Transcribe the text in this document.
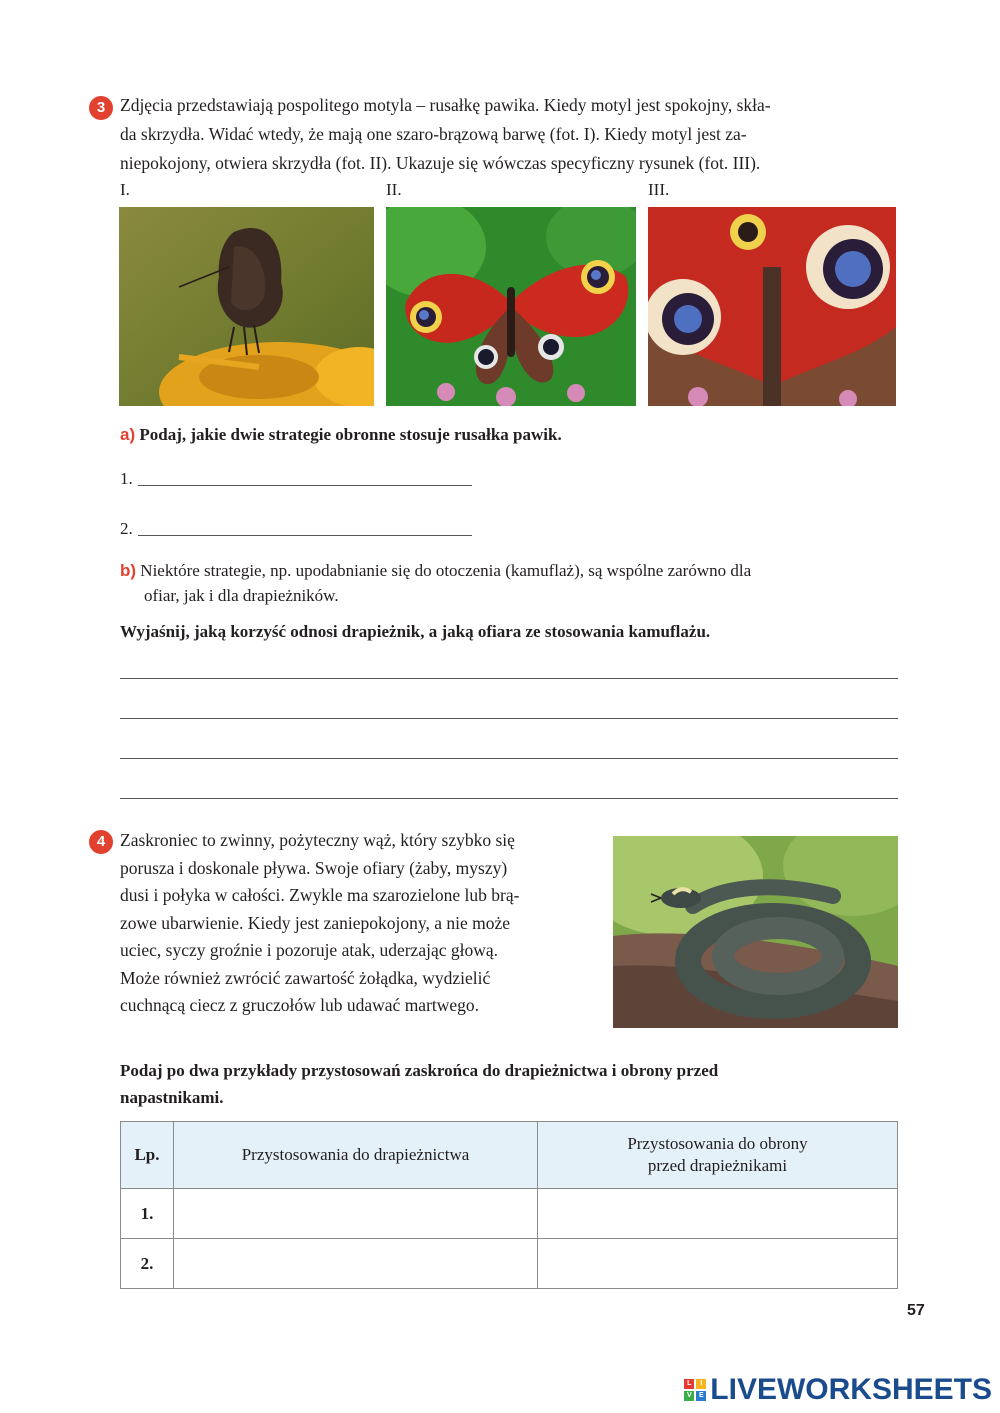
3 Zdjęcia przedstawiają pospolitego motyla – rusałkę pawika. Kiedy motyl jest spokojny, skła-
da skrzydła. Widać wtedy, że mają one szaro-brązową barwę (fot. I). Kiedy motyl jest za-
niepokojony, otwiera skrzydła (fot. II). Ukazuje się wówczas specyficzny rysunek (fot. III).
I.	II.	III.
a) Podaj, jakie dwie strategie obronne stosuje rusałka pawik.
1.
2.
b) Niektóre strategie, np. upodabnianie się do otoczenia (kamuflaż), są wspólne zarówno dla
ofiar, jak i dla drapieżników.
Wyjaśnij, jaką korzyść odnosi drapieżnik, a jaką ofiara ze stosowania kamuflażu.
4 Zaskroniec to zwinny, pożyteczny wąż, który szybko się
porusza i doskonale pływa. Swoje ofiary (żaby, myszy)
dusi i połyka w całości. Zwykle ma szarozielone lub brą-
zowe ubarwienie. Kiedy jest zaniepokojony, a nie może
uciec, syczy groźnie i pozoruje atak, uderzając głową.
Może również zwrócić zawartość żołądka, wydzielić
cuchnącą ciecz z gruczołów lub udawać martwego.
Podaj po dwa przykłady przystosowań zaskrońca do drapieżnictwa i obrony przed
napastnikami.
Lp.	Przystosowania do drapieżnictwa	Przystosowania do obrony
przed drapieżnikami

1.		
2.		
57
L	I
V	E LIVEWORKSHEETS
